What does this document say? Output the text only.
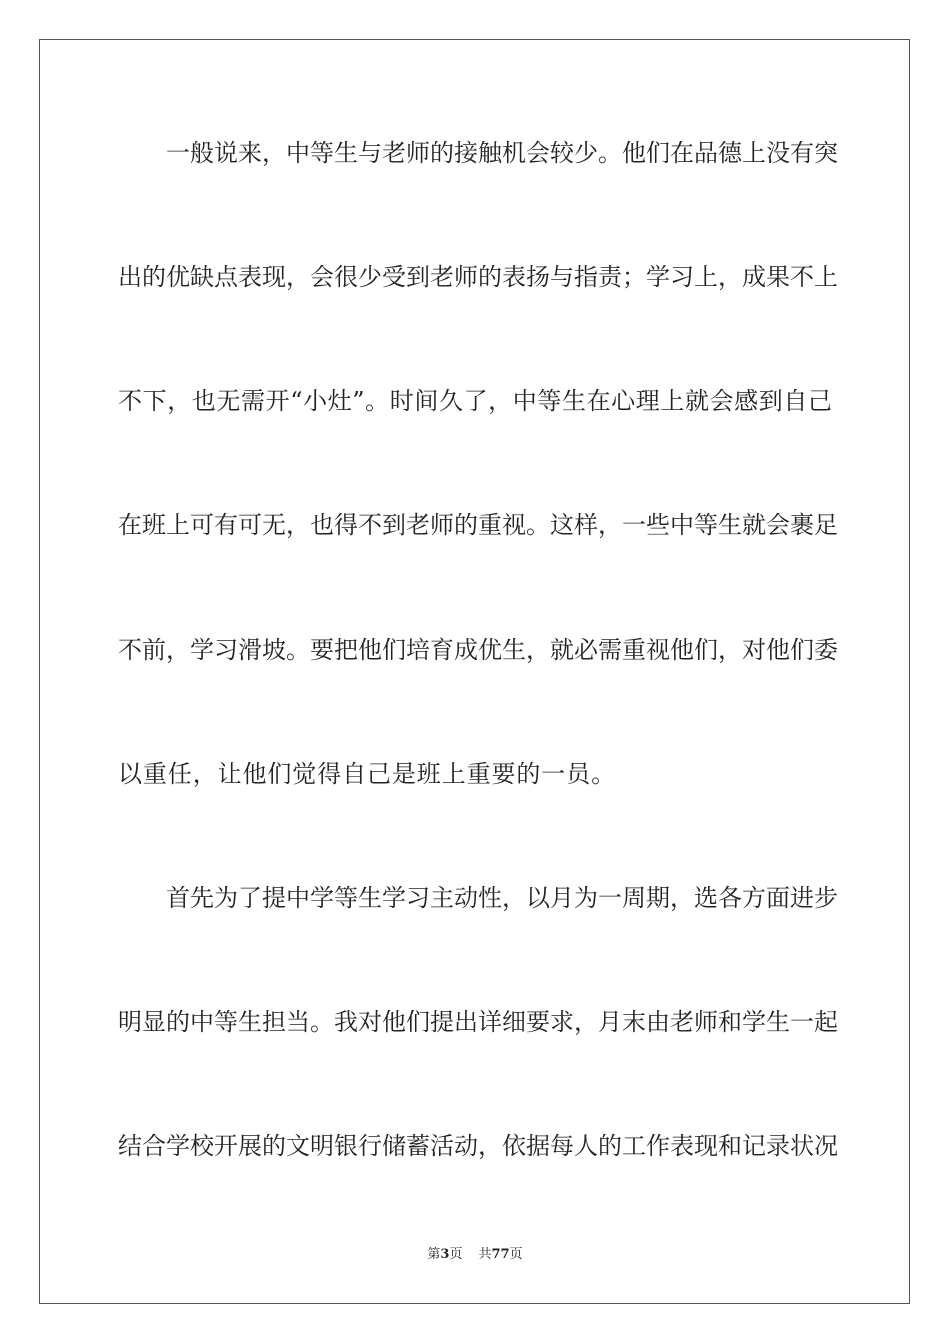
一般说来，中等生与老师的接触机会较少。他们在品德上没有突
出的优缺点表现，会很少受到老师的表扬与指责；学习上，成果不上
不下，也无需开“小灶”。时间久了，中等生在心理上就会感到自己
在班上可有可无，也得不到老师的重视。这样，一些中等生就会裹足
不前，学习滑坡。要把他们培育成优生，就必需重视他们，对他们委
以重任，让他们觉得自己是班上重要的一员。
首先为了提中学等生学习主动性，以月为一周期，选各方面进步
明显的中等生担当。我对他们提出详细要求，月末由老师和学生一起
结合学校开展的文明银行储蓄活动，依据每人的工作表现和记录状况
第3页 共77页
